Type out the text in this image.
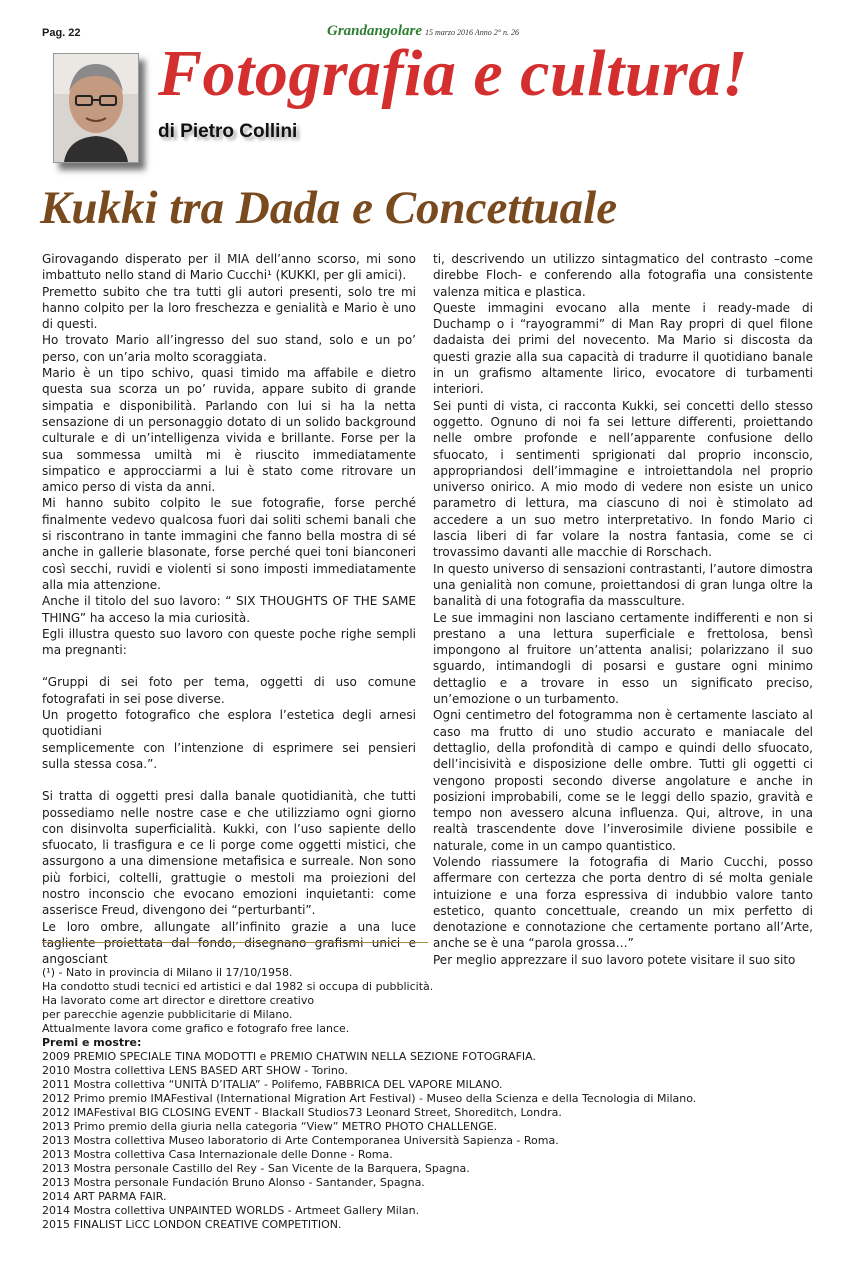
Pag. 22	Grandangolare 15 marzo 2016 Anno 2° n. 26
Fotografia e cultura!
di Pietro Collini
Kukki tra Dada e Concettuale

Girovagando disperato per il MIA dell’anno scorso, mi sono imbattuto nello stand di Mario Cucchi¹ (KUKKI, per gli amici).

Premetto subito che tra tutti gli autori presenti, solo tre mi hanno colpito per la loro freschezza e genialità e Mario è uno di questi.

Ho trovato Mario all’ingresso del suo stand, solo e un po’ perso, con un’aria molto scoraggiata.

Mario è un tipo schivo, quasi timido ma affabile e dietro questa sua scorza un po’ ruvida, appare subito di grande simpatia e disponibilità. Parlando con lui si ha la netta sensazione di un personaggio dotato di un solido background culturale e di un’intelligenza vivida e brillante. Forse per la sua sommessa umiltà mi è riuscito immediatamente simpatico e approcciarmi a lui è stato come ritrovare un amico perso di vista da anni.

Mi hanno subito colpito le sue fotografie, forse perché finalmente vedevo qualcosa fuori dai soliti schemi banali che si riscontrano in tante immagini che fanno bella mostra di sé anche in gallerie blasonate, forse perché quei toni bianconeri così secchi, ruvidi e violenti si sono imposti immediatamente alla mia attenzione.

Anche il titolo del suo lavoro: “ SIX THOUGHTS OF THE SAME THING” ha acceso la mia curiosità.

Egli illustra questo suo lavoro con queste poche righe sempli ma pregnanti:

“Gruppi di sei foto per tema, oggetti di uso comune fotografati in sei pose diverse.

Un progetto fotografico che esplora l’estetica degli arnesi quotidiani

semplicemente con l’intenzione di esprimere sei pensieri sulla stessa cosa.”.

Si tratta di oggetti presi dalla banale quotidianità, che tutti possediamo nelle nostre case e che utilizziamo ogni giorno con disinvolta superficialità. Kukki, con l’uso sapiente dello sfuocato, li trasfigura e ce li porge come oggetti mistici, che assurgono a una dimensione metafisica e surreale. Non sono più forbici, coltelli, grattugie o mestoli ma proiezioni del nostro inconscio che evocano emozioni inquietanti: come asserisce Freud, divengono dei “perturbanti”.

Le loro ombre, allungate all’infinito grazie a una luce angosciant

ti, descrivendo un utilizzo sintagmatico del contrasto –come direbbe Floch- e conferendo alla fotografia una consistente valenza mitica e plastica.

Queste immagini evocano alla mente i ready-made di Duchamp o i “rayogrammi” di Man Ray propri di quel filone dadaista dei primi del novecento. Ma Mario si discosta da questi grazie alla sua capacità di tradurre il quotidiano banale in un grafismo altamente lirico, evocatore di turbamenti interiori.

Sei punti di vista, ci racconta Kukki, sei concetti dello stesso oggetto. Ognuno di noi fa sei letture differenti, proiettando nelle ombre profonde e nell’apparente confusione dello sfuocato, i sentimenti sprigionati dal proprio inconscio, appropriandosi dell’immagine e introiettandola nel proprio universo onirico. A mio modo di vedere non esiste un unico parametro di lettura, ma ciascuno di noi è stimolato ad accedere a un suo metro interpretativo. In fondo Mario ci lascia liberi di far volare la nostra fantasia, come se ci trovassimo davanti alle macchie di Rorschach.

In questo universo di sensazioni contrastanti, l’autore dimostra una genialità non comune, proiettandosi di gran lunga oltre la banalità di una fotografia da massculture.

Le sue immagini non lasciano certamente indifferenti e non si prestano a una lettura superficiale e frettolosa, bensì impongono al fruitore un’attenta analisi; polarizzano il suo sguardo, intimandogli di posarsi e gustare ogni minimo dettaglio e a trovare in esso un significato preciso, un’emozione o un turbamento.

Ogni centimetro del fotogramma non è certamente lasciato al caso ma frutto di uno studio accurato e maniacale del dettaglio, della profondità di campo e quindi dello sfuocato, dell’incisività e disposizione delle ombre. Tutti gli oggetti ci vengono proposti secondo diverse angolature e anche in posizioni improbabili, come se le leggi dello spazio, gravità e tempo non avessero alcuna influenza. Qui, altrove, in una realtà trascendente dove l’inverosimile diviene possibile e naturale, come in un campo quantistico.

Volendo riassumere la fotografia di Mario Cucchi, posso affermare con certezza che porta dentro di sé molta geniale intuizione e una forza espressiva di indubbio valore tanto estetico, quanto concettuale, creando un mix perfetto di denotazione e connotazione che certamente portano all’Arte, anche se è una “parola grossa…”

Per meglio apprezzare il suo lavoro potete visitare il suo sito

(¹) - Nato in provincia di Milano il 17/10/1958.
Ha condotto studi tecnici ed artistici e dal 1982 si occupa di pubblicità.
Ha lavorato come art director e direttore creativo
per parecchie agenzie pubblicitarie di Milano.
Attualmente lavora come grafico e fotografo free lance.
Premi e mostre:
2009 PREMIO SPECIALE TINA MODOTTI e PREMIO CHATWIN NELLA SEZIONE FOTOGRAFIA.
2010 Mostra collettiva LENS BASED ART SHOW - Torino.
2011 Mostra collettiva “UNITÀ D’ITALIA” - Polifemo, FABBRICA DEL VAPORE MILANO.
2012 Primo premio IMAFestival (International Migration Art Festival) - Museo della Scienza e della Tecnologia di Milano.
2012 IMAFestival BIG CLOSING EVENT - Blackall Studios73 Leonard Street, Shoreditch, Londra.
2013 Primo premio della giuria nella categoria “View” METRO PHOTO CHALLENGE.
2013 Mostra collettiva Museo laboratorio di Arte Contemporanea Università Sapienza - Roma.
2013 Mostra collettiva Casa Internazionale delle Donne - Roma.
2013 Mostra personale Castillo del Rey - San Vicente de la Barquera, Spagna.
2013 Mostra personale Fundación Bruno Alonso - Santander, Spagna.
2014 ART PARMA FAIR.
2014 Mostra collettiva UNPAINTED WORLDS - Artmeet Gallery Milan.
2015 FINALIST LiCC LONDON CREATIVE COMPETITION.
